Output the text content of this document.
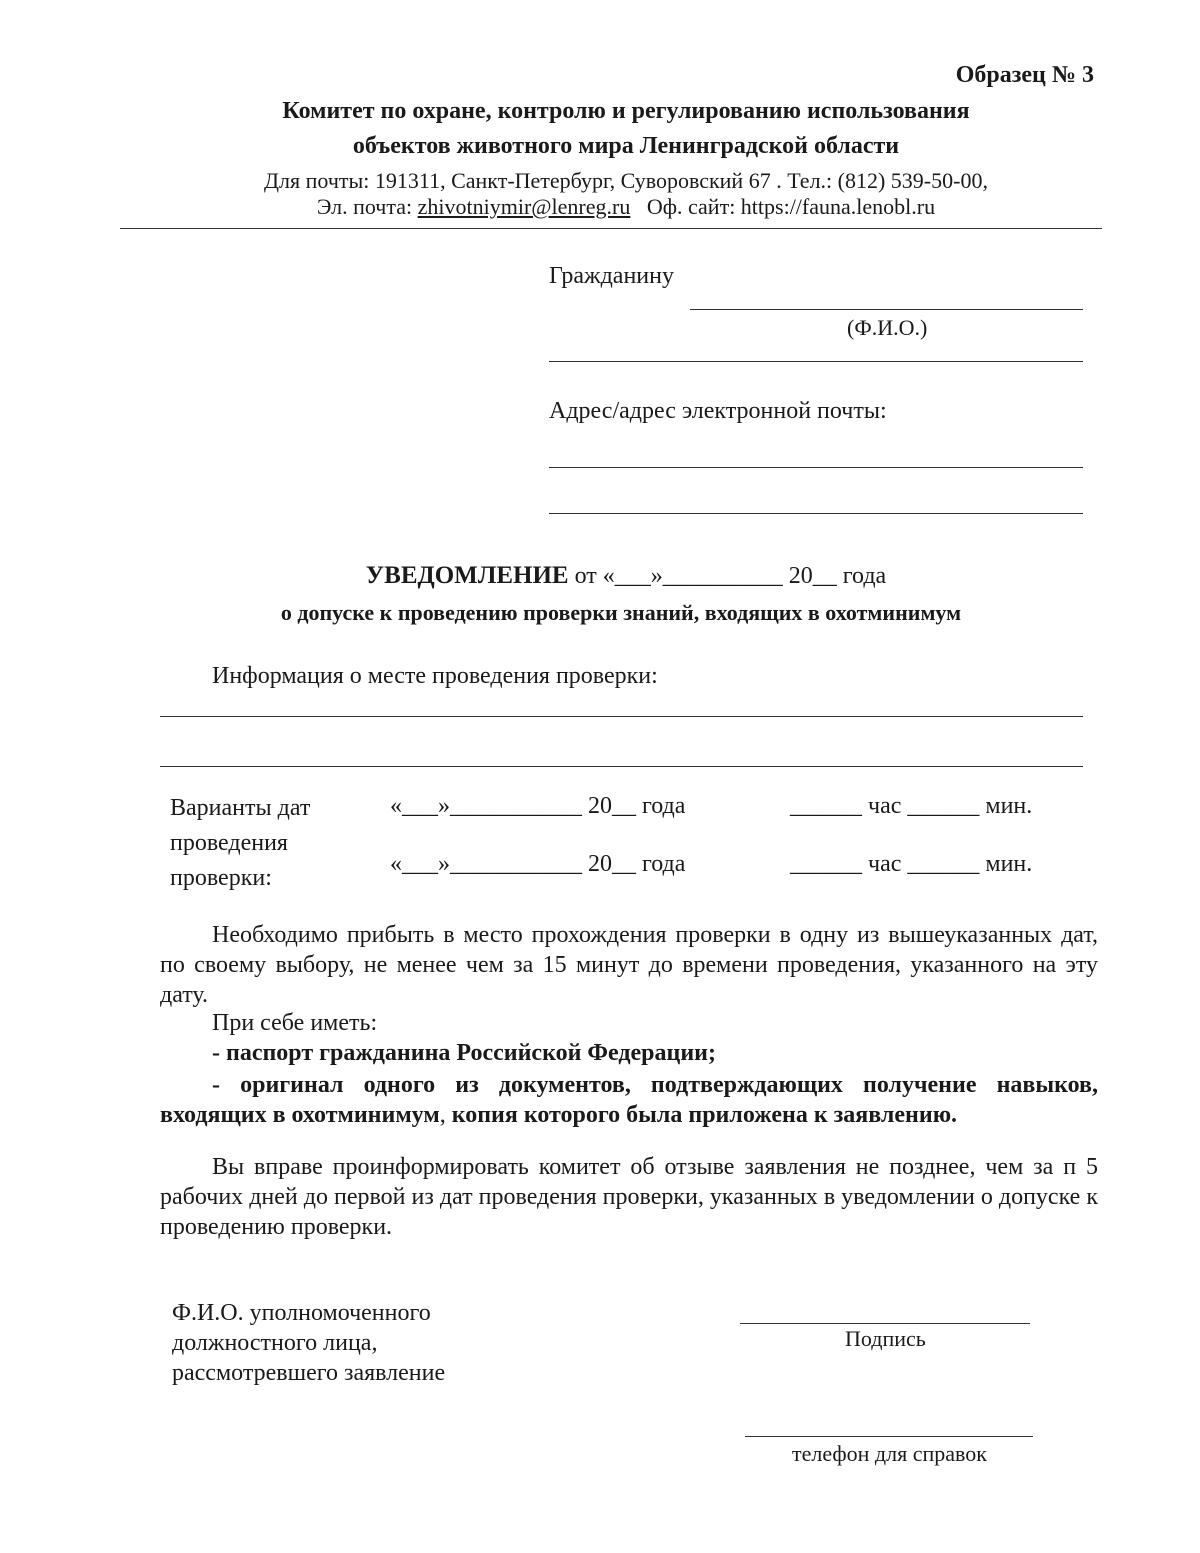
Образец № 3
Комитет по охране, контролю и регулированию использования
объектов животного мира Ленинградской области
Для почты: 191311, Санкт-Петербург, Суворовский 67 . Тел.: (812) 539-50-00,
Эл. почта: zhivotniymir@lenreg.ru Оф. сайт: https://fauna.lenobl.ru
Гражданину
(Ф.И.О.)
Адрес/адрес электронной почты:
УВЕДОМЛЕНИЕ от «___»__________ 20__ года
о допуске к проведению проверки знаний, входящих в охотминимум
Информация о месте проведения проверки:
Варианты дат
проведения
проверки:
«___»___________ 20__ года	______ час ______ мин.
«___»___________ 20__ года	______ час ______ мин.
Необходимо прибыть в место прохождения проверки в одну из вышеуказанных дат, по своему выбору, не менее чем за 15 минут до времени проведения, указанного на эту дату.
При себе иметь:
- паспорт гражданина Российской Федерации;
- оригинал одного из документов, подтверждающих получение навыков, входящих в охотминимум, копия которого была приложена к заявлению.
Вы вправе проинформировать комитет об отзыве заявления не позднее, чем за п 5 рабочих дней до первой из дат проведения проверки, указанных в уведомлении о допуске к проведению проверки.
Ф.И.О. уполномоченного
должностного лица,
рассмотревшего заявление
Подпись
телефон для справок
